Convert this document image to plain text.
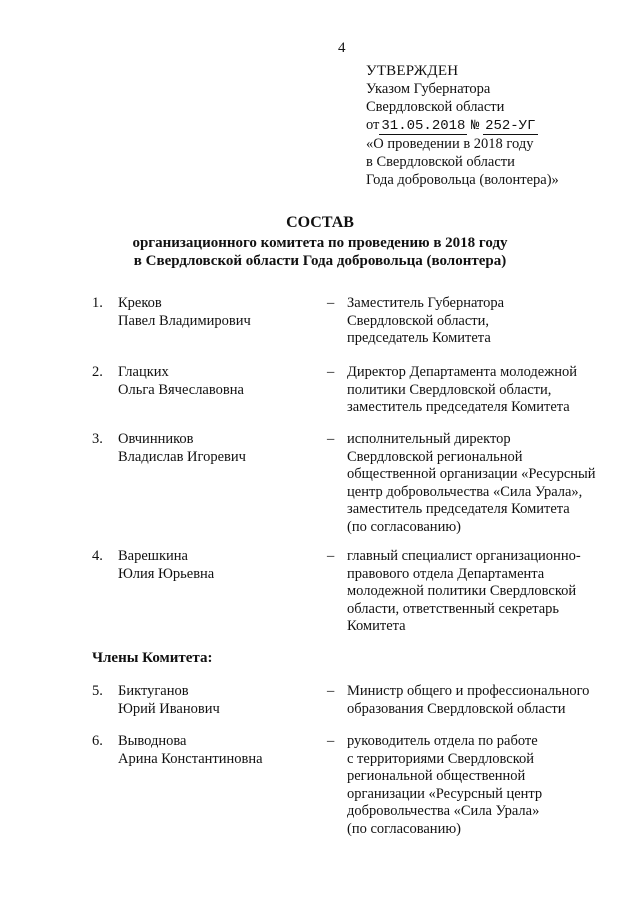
4
УТВЕРЖДЕН
Указом Губернатора
Свердловской области
от 31.05.2018 № 252-УГ
«О проведении в 2018 году
в Свердловской области
Года добровольца (волонтера)»
СОСТАВ
организационного комитета по проведению в 2018 году
в Свердловской области Года добровольца (волонтера)
1. Креков
Павел Владимирович
– Заместитель Губернатора
Свердловской области,
председатель Комитета
2. Глацких
Ольга Вячеславовна
– Директор Департамента молодежной
политики Свердловской области,
заместитель председателя Комитета
3. Овчинников
Владислав Игоревич
– исполнительный директор
Свердловской региональной
общественной организации «Ресурсный
центр добровольчества «Сила Урала»,
заместитель председателя Комитета
(по согласованию)
4. Варешкина
Юлия Юрьевна
– главный специалист организационно-
правового отдела Департамента
молодежной политики Свердловской
области, ответственный секретарь
Комитета
Члены Комитета:
5. Биктуганов
Юрий Иванович
– Министр общего и профессионального
образования Свердловской области
6. Выводнова
Арина Константиновна
– руководитель отдела по работе
с территориями Свердловской
региональной общественной
организации «Ресурсный центр
добровольчества «Сила Урала»
(по согласованию)
